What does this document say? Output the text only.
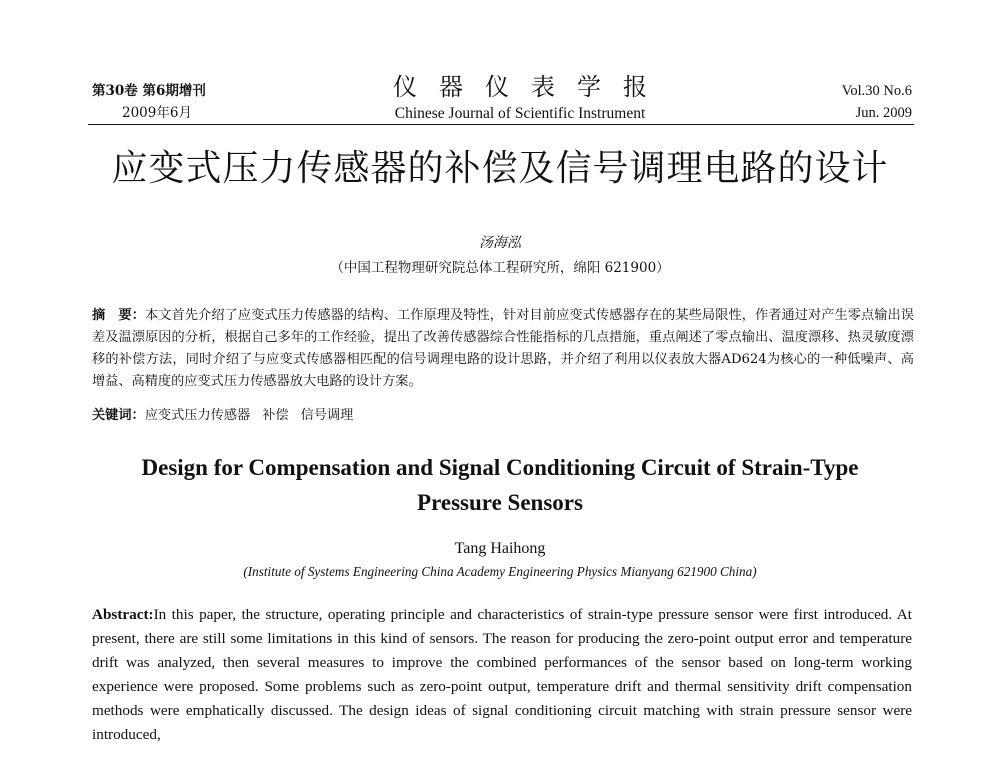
第30卷 第6期增刊
2009年6月
仪器仪表学报
Chinese Journal of Scientific Instrument
Vol.30 No.6
Jun. 2009
应变式压力传感器的补偿及信号调理电路的设计
汤海泓
（中国工程物理研究院总体工程研究所，绵阳 621900）
摘　要：本文首先介绍了应变式压力传感器的结构、工作原理及特性，针对目前应变式传感器存在的某些局限性，作者通过对产生零点输出误差及温漂原因的分析，根据自己多年的工作经验，提出了改善传感器综合性能指标的几点措施，重点阐述了零点输出、温度漂移、热灵敏度漂移的补偿方法，同时介绍了与应变式传感器相匹配的信号调理电路的设计思路，并介绍了利用以仪表放大器AD624为核心的一种低噪声、高增益、高精度的应变式压力传感器放大电路的设计方案。
关键词：应变式压力传感器 补偿 信号调理
Design for Compensation and Signal Conditioning Circuit of Strain-Type
Pressure Sensors
Tang Haihong
(Institute of Systems Engineering China Academy Engineering Physics Mianyang 621900 China)
Abstract:In this paper, the structure, operating principle and characteristics of strain-type pressure sensor were first introduced. At present, there are still some limitations in this kind of sensors. The reason for producing the zero-point output error and temperature drift was analyzed, then several measures to improve the combined performances of the sensor based on long-term working experience were proposed. Some problems such as zero-point output, temperature drift and thermal sensitivity drift compensation methods were emphatically discussed. The design ideas of signal conditioning circuit matching with strain pressure sensor were introduced,
